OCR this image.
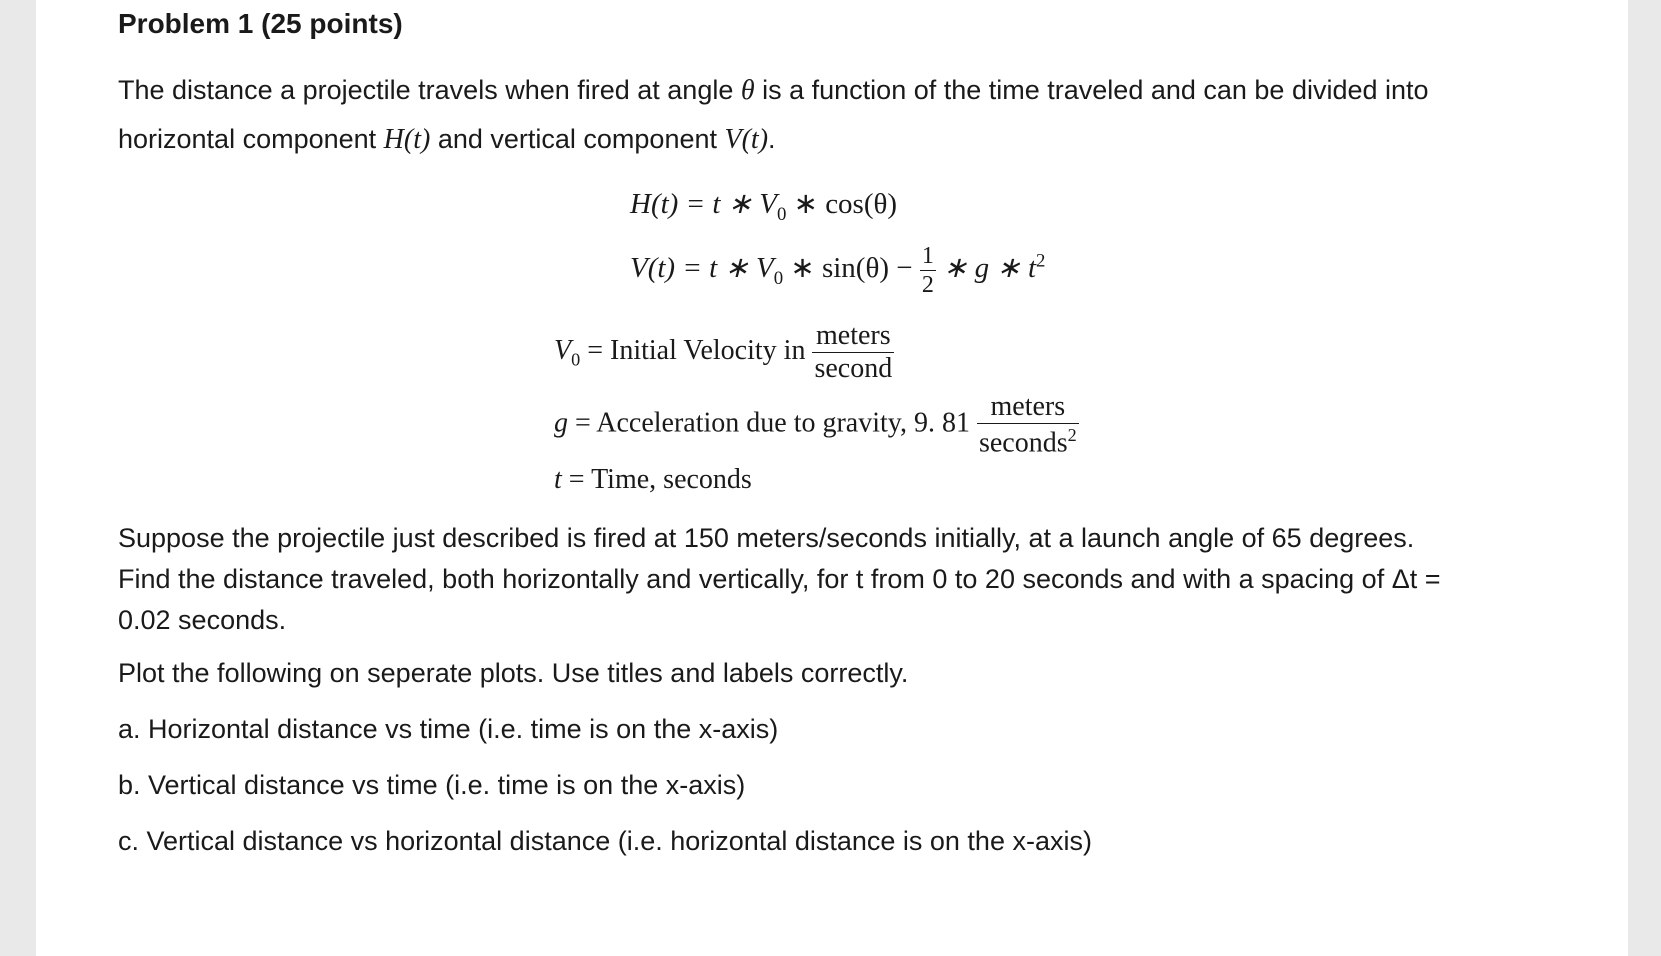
Problem 1 (25 points)
The distance a projectile travels when fired at angle θ is a function of the time traveled and can be divided into
horizontal component H(t) and vertical component V(t).
H(t) = t ∗ $V_0$ ∗ cos(θ)
V(t) = t ∗ $V_0$ ∗ $\sin(\theta) - \frac{1}{2}$ ∗ g ∗ $t^2$
$V_0$ = Initial Velocity in $\frac{\text{meters}}{\text{second}}$
g = Acceleration due to gravity, 9. $81 \frac{\text{meters}}{seconds^2}$
t = Time, seconds
Suppose the projectile just described is fired at 150 meters/seconds initially, at a launch angle of 65 degrees.
Find the distance traveled, both horizontally and vertically, for t from 0 to 20 seconds and with a spacing of Δt =
0.02 seconds.
Plot the following on seperate plots. Use titles and labels correctly.
a. Horizontal distance vs time (i.e. time is on the x-axis)
b. Vertical distance vs time (i.e. time is on the x-axis)
c. Vertical distance vs horizontal distance (i.e. horizontal distance is on the x-axis)
